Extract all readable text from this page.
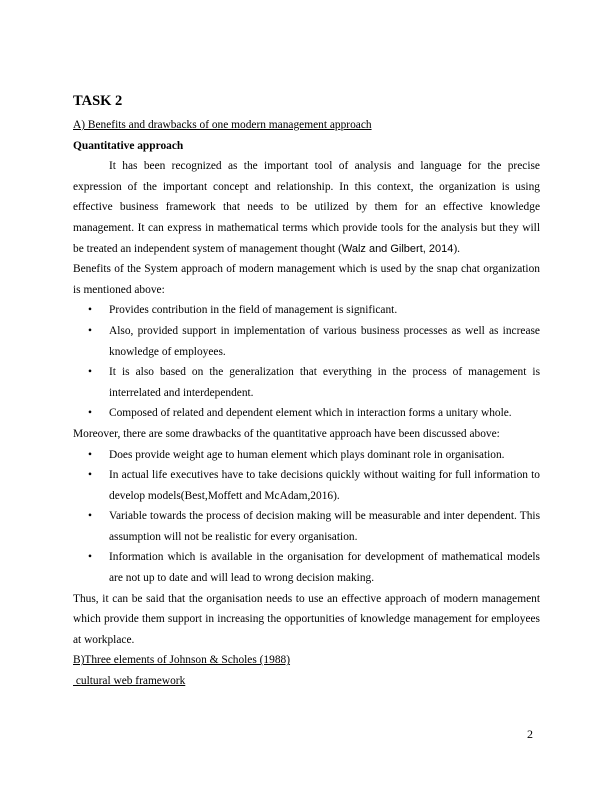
TASK 2
A) Benefits and drawbacks of one modern management approach
Quantitative approach

It has been recognized as the important tool of analysis and language for the precise expression of the important concept and relationship. In this context, the organization is using effective business framework that needs to be utilized by them for an effective knowledge management. It can express in mathematical terms which provide tools for the analysis but they will be treated an independent system of management thought (Walz and Gilbert, 2014).

Benefits of the System approach of modern management which is used by the snap chat organization is mentioned above:

• Provides contribution in the field of management is significant.
• Also, provided support in implementation of various business processes as well as increase knowledge of employees.
• It is also based on the generalization that everything in the process of management is interrelated and interdependent.
• Composed of related and dependent element which in interaction forms a unitary whole.

Moreover, there are some drawbacks of the quantitative approach have been discussed above:

• Does provide weight age to human element which plays dominant role in organisation.
• In actual life executives have to take decisions quickly without waiting for full information to develop models(Best,Moffett and McAdam,2016).
• Variable towards the process of decision making will be measurable and inter dependent. This assumption will not be realistic for every organisation.
• Information which is available in the organisation for development of mathematical models are not up to date and will lead to wrong decision making.

Thus, it can be said that the organisation needs to use an effective approach of modern management which provide them support in increasing the opportunities of knowledge management for employees at workplace.

B)Three elements of Johnson & Scholes (1988)
cultural web framework
2
